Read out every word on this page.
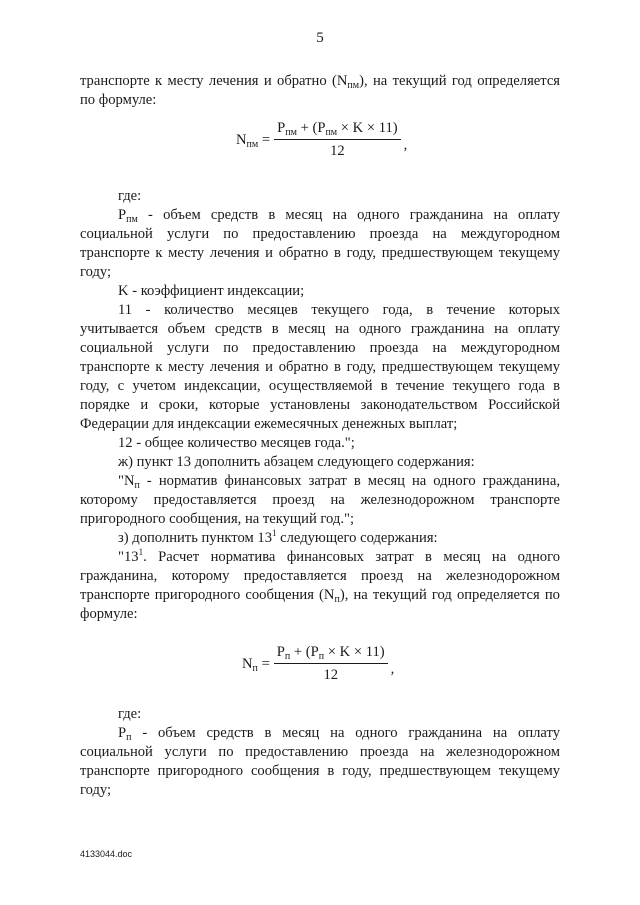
5

транспорте к месту лечения и обратно $(N_{пм})$, на текущий год определяется по формуле:

$N_{пм} = \frac{P_{пм} + (P_{пм} \times K \times 11)}{12}$ ,

где:

$P_{пм}$ - объем средств в месяц на одного гражданина на оплату социальной услуги по предоставлению проезда на междугородном транспорте к месту лечения и обратно в году, предшествующем текущему году;

K - коэффициент индексации;

11 - количество месяцев текущего года, в течение которых учитывается объем средств в месяц на одного гражданина на оплату социальной услуги по предоставлению проезда на междугородном транспорте к месту лечения и обратно в году, предшествующем текущему году, с учетом индексации, осуществляемой в течение текущего года в порядке и сроки, которые установлены законодательством Российской Федерации для индексации ежемесячных денежных выплат;

12 - общее количество месяцев года.";

ж) пункт 13 дополнить абзацем следующего содержания:

"$N_п$ - норматив финансовых затрат в месяц на одного гражданина, которому предоставляется проезд на железнодорожном транспорте пригородного сообщения, на текущий год.";

з) дополнить пунктом $13^1$ следующего содержания:

"$13^1$. Расчет норматива финансовых затрат в месяц на одного гражданина, которому предоставляется проезд на железнодорожном транспорте пригородного сообщения $(N_п)$, на текущий год определяется по формуле:

$N_п = \frac{P_п + (P_п \times K \times 11)}{12}$ ,

где:

$P_п$ - объем средств в месяц на одного гражданина на оплату социальной услуги по предоставлению проезда на железнодорожном транспорте пригородного сообщения в году, предшествующем текущему году;

4133044.doc
